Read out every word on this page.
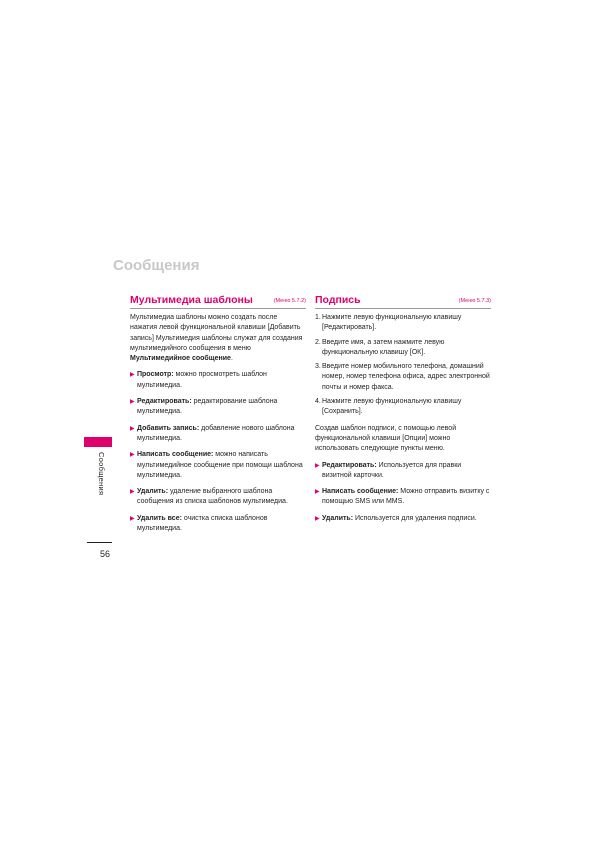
Сообщения
Сообщения
56
Мультимедиа шаблоны	(Меню 5.7.2)

Мультимедиа шаблоны можно создать после нажатия левой функциональной клавиши [Добавить запись] Мультимедия шаблоны служат для создания мультимедийного сообщения в меню Мультимедийное сообщение.

▶ Просмотр: можно просмотреть шаблон мультимедиа.
▶ Редактировать: редактирование шаблона мультимедиа.
▶ Добавить запись: добавление нового шаблона мультимедиа.
▶ Написать сообщение: можно написать мультимедийное сообщение при помощи шаблона мультимедиа.
▶ Удалить: удаление выбранного шаблона сообщения из списка шаблонов мультимедиа.
▶ Удалить все: очистка списка шаблонов мультимедиа.
Подпись	(Меню 5.7.3)
1. Нажмите левую функциональную клавишу [Редактировать].
2. Введите имя, а затем нажмите левую функциональную клавишу [ОК].
3. Введите номер мобильного телефона, домашний номер, номер телефона офиса, адрес электронной почты и номер факса.
4. Нажмите левую функциональную клавишу [Сохранить].

Создав шаблон подписи, с помощью левой функциональной клавиши [Опции] можно использовать следующие пункты меню.

▶ Редактировать: Используется для правки визитной карточки.
▶ Написать сообщение: Можно отправить визитку с помощью SMS или MMS.
▶ Удалить: Используется для удаления подписи.
